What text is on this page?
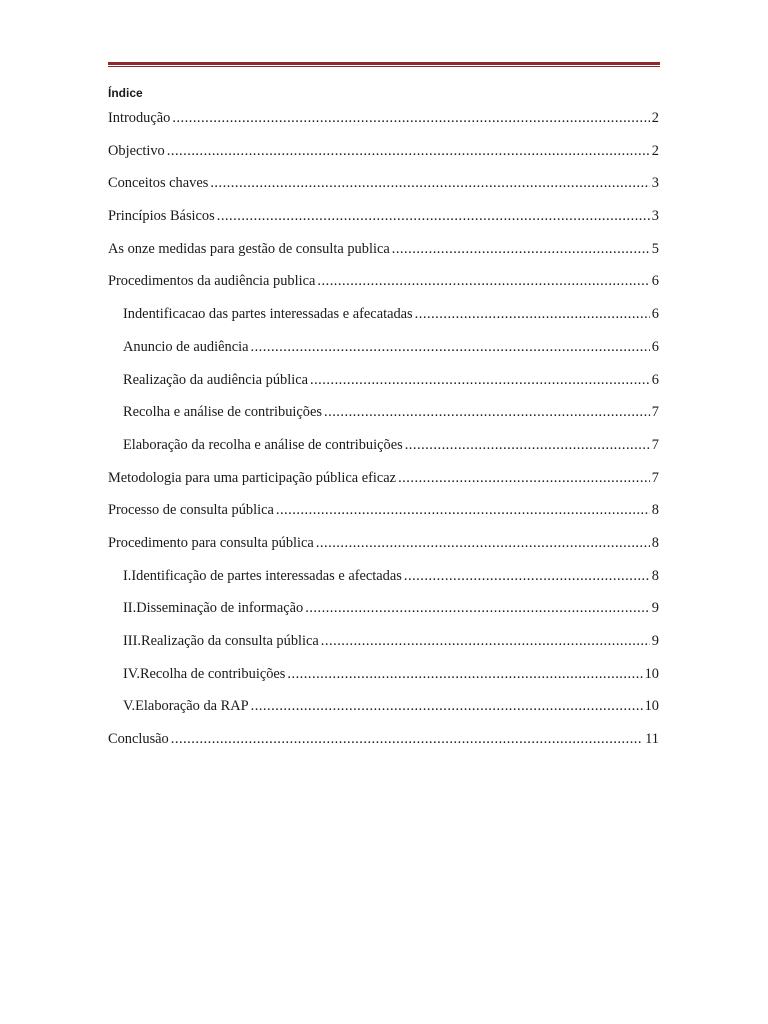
Índice
Introdução .....	2
Objectivo .....	2
Conceitos chaves .....	3
Princípios Básicos .....	3
As onze medidas para gestão de consulta publica .....	5
Procedimentos da audiência publica .....	6
Indentificacao das partes interessadas e afecatadas .....	6
Anuncio de audiência .....	6
Realização da audiência pública .....	6
Recolha e análise de contribuições .....	7
Elaboração da recolha e análise de contribuições .....	7
Metodologia para uma participação pública eficaz .....	7
Processo de consulta pública .....	8
Procedimento para consulta pública .....	8
I. Identificação de partes interessadas e afectadas .....	8
II. Disseminação de informação .....	9
III. Realização da consulta pública .....	9
IV. Recolha de contribuições .....	10
V. Elaboração da RAP .....	10
Conclusão .....	11
